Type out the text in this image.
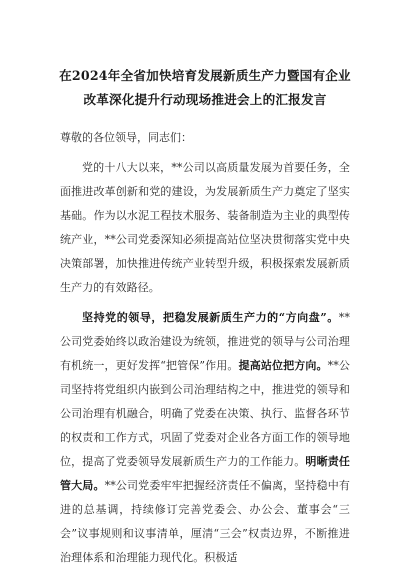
在2024年全省加快培育发展新质生产力暨国有企业改革深化提升行动现场推进会上的汇报发言
尊敬的各位领导，同志们：

党的十八大以来，**公司以高质量发展为首要任务，全面推进改革创新和党的建设，为发展新质生产力奠定了坚实基础。作为以水泥工程技术服务、装备制造为主业的典型传统产业，**公司党委深知必须提高站位坚决贯彻落实党中央决策部署，加快推进传统产业转型升级，积极探索发展新质生产力的有效路径。

坚持党的领导，把稳发展新质生产力的“方向盘”。**公司党委始终以政治建设为统领，推进党的领导与公司治理有机统一，更好发挥“把管保”作用。提高站位把方向。**公司坚持将党组织内嵌到公司治理结构之中，推进党的领导和公司治理有机融合，明确了党委在决策、执行、监督各环节的权责和工作方式，巩固了党委对企业各方面工作的领导地位，提高了党委领导发展新质生产力的工作能力。明晰责任管大局。**公司党委牢牢把握经济责任不偏离，坚持稳中有进的总基调，持续修订完善党委会、办公会、董事会“三会”议事规则和议事清单，厘清“三会”权责边界，不断推进治理体系和治理能力现代化。积极适
